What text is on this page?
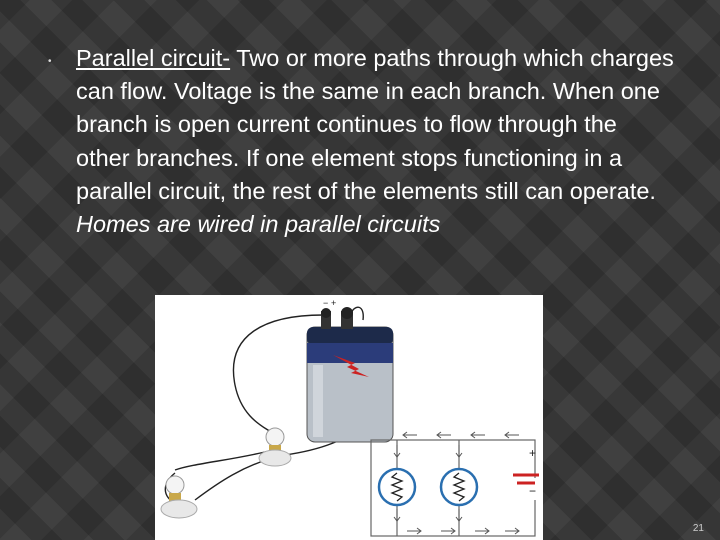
• Parallel circuit- Two or more paths through which charges can flow. Voltage is the same in each branch. When one branch is open current continues to flow through the other branches. If one element stops functioning in a parallel circuit, the rest of the elements still can operate. Homes are wired in parallel circuits
− +
+
−
21
